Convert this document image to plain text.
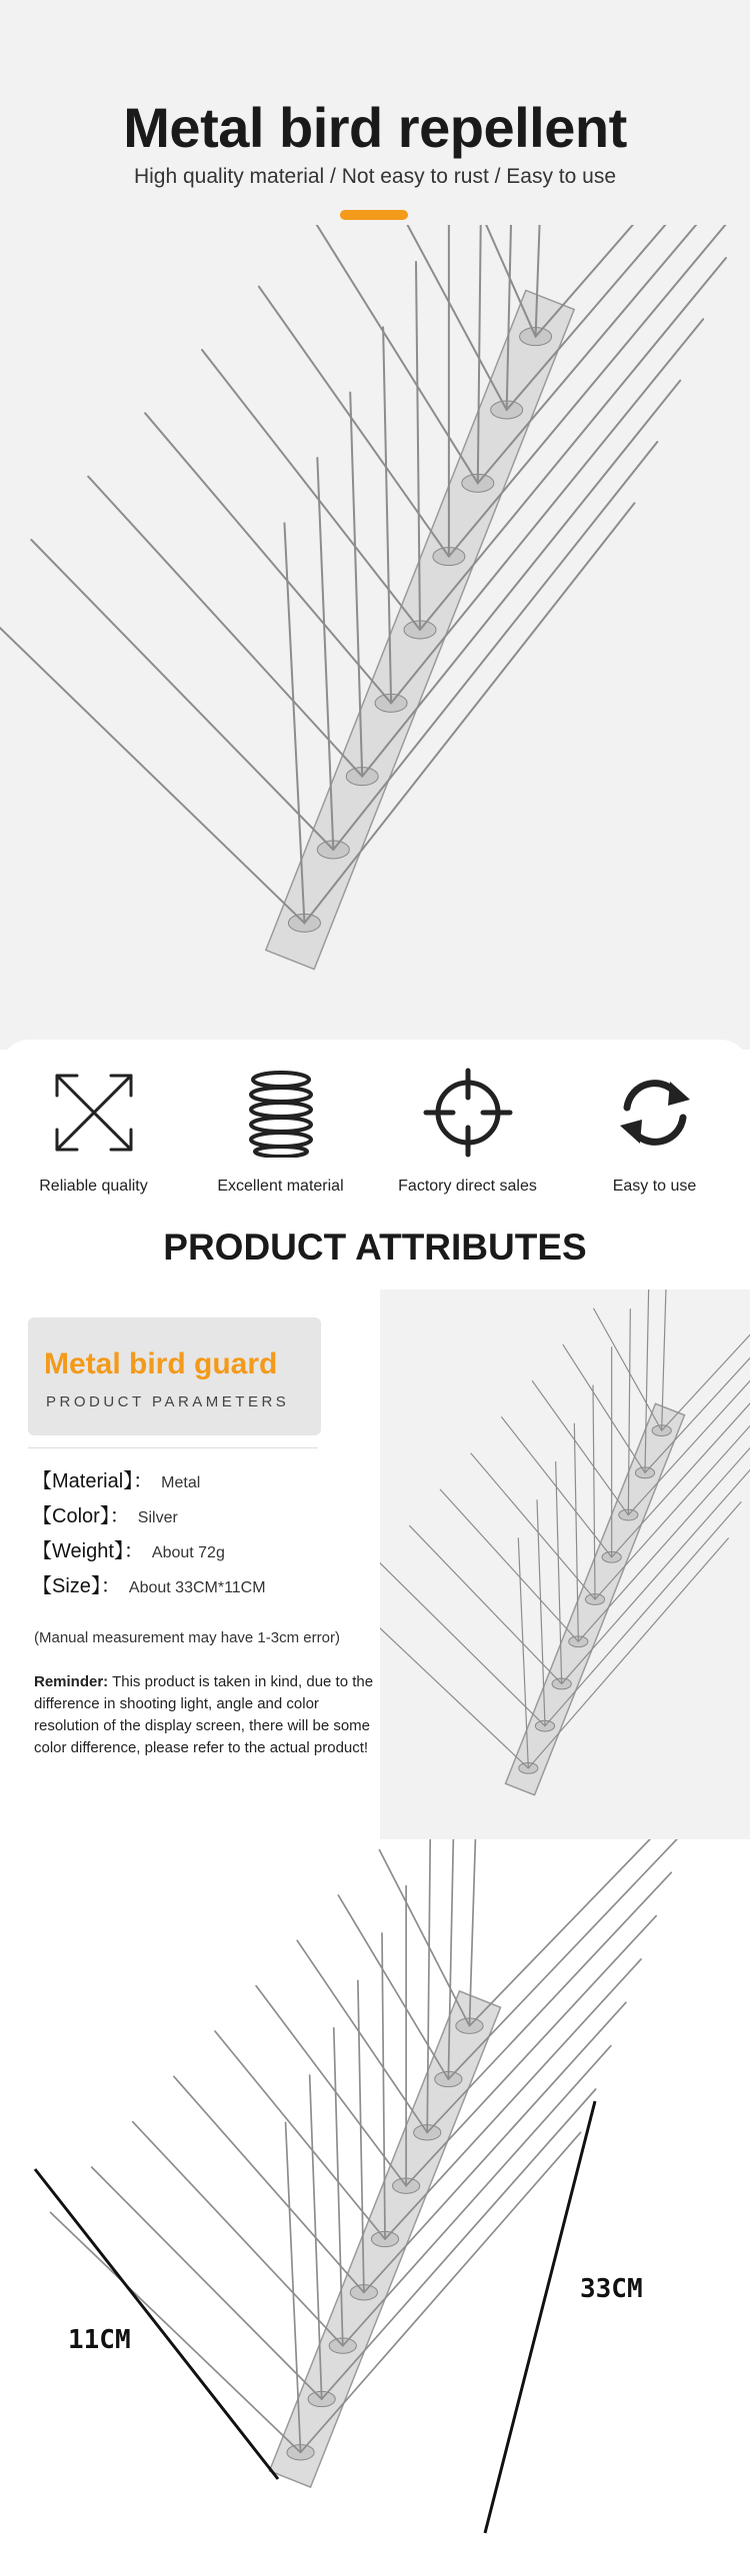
Metal bird repellent

High quality material / Not easy to rust / Easy to use

Reliable quality	Excellent material	Factory direct sales	Easy to use
PRODUCT ATTRIBUTES
Metal bird guard
PRODUCT PARAMETERS
【Material】： Metal
【Color】： Silver
【Weight】： About 72g
【Size】： About 33CM*11CM
(Manual measurement may have 1-3cm error)

Reminder: This product is taken in kind, due to the difference in shooting light, angle and color resolution of the display screen, there will be some color difference, please refer to the actual product!

11CM
33CM
